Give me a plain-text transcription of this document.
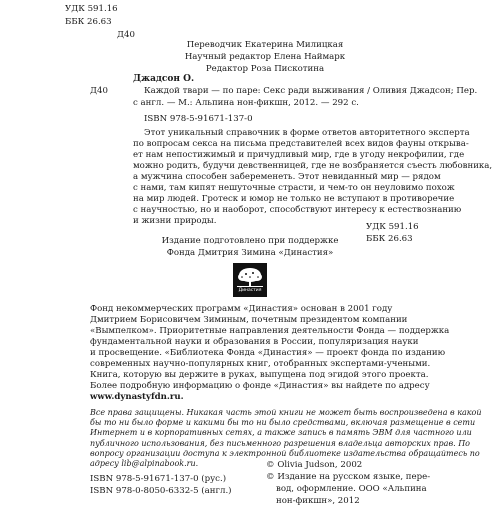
УДК 591.16
ББК 26.63
Д40
Переводчик Екатерина Милицкая
Научный редактор Елена Наймарк
Редактор Роза Пискотина
Д40
Джадсон О.
Каждой твари — по паре: Секс ради выживания / Оливия Джадсон; Пер.
с англ. — М.: Альпина нон-фикшн, 2012. — 292 с.
ISBN 978-5-91671-137-0
Этот уникальный справочник в форме ответов авторитетного эксперта
по вопросам секса на письма представителей всех видов фауны открыва-
ет нам непостижимый и причудливый мир, где в угоду некрофилии, где
можно родить, будучи девственницей, где не возбраняется съесть любовника,
а мужчина способен забеременеть. Этот невиданный мир — рядом
с нами, там кипят нешуточные страсти, и чем-то он неуловимо похож
на мир людей. Гротеск и юмор не только не вступают в противоречие
с научностью, но и наоборот, способствуют интересу к естествознанию
и жизни природы.
УДК 591.16
ББК 26.63
Издание подготовлено при поддержке
Фонда Дмитрия Зимина «Династия»
Династия
Фонд некоммерческих программ «Династия» основан в 2001 году
Дмитрием Борисовичем Зиминым, почетным президентом компании
«Вымпелком». Приоритетные направления деятельности Фонда — поддержка
фундаментальной науки и образования в России, популяризация науки
и просвещение. «Библиотека Фонда «Династия» — проект фонда по изданию
современных научно-популярных книг, отобранных экспертами-учеными.
Книга, которую вы держите в руках, выпущена под эгидой этого проекта.
Более подробную информацию о фонде «Династия» вы найдете по адресу
www.dynastyfdn.ru.
Все права защищены. Никакая часть этой книги не может быть воспроизведена в какой
бы то ни было форме и какими бы то ни было средствами, включая размещение в сети
Интернет и в корпоративных сетях, а также запись в память ЭВМ для частного или
публичного использования, без письменного разрешения владельца авторских прав. По
вопросу организации доступа к электронной библиотеке издательства обращайтесь по
адресу lib@alpinabook.ru.
ISBN 978-5-91671-137-0 (рус.)
ISBN 978-0-8050-6332-5 (англ.)
© Olivia Judson, 2002
© Издание на русском языке, пере-
вод, оформление. ООО «Альпина
нон-фикшн», 2012
